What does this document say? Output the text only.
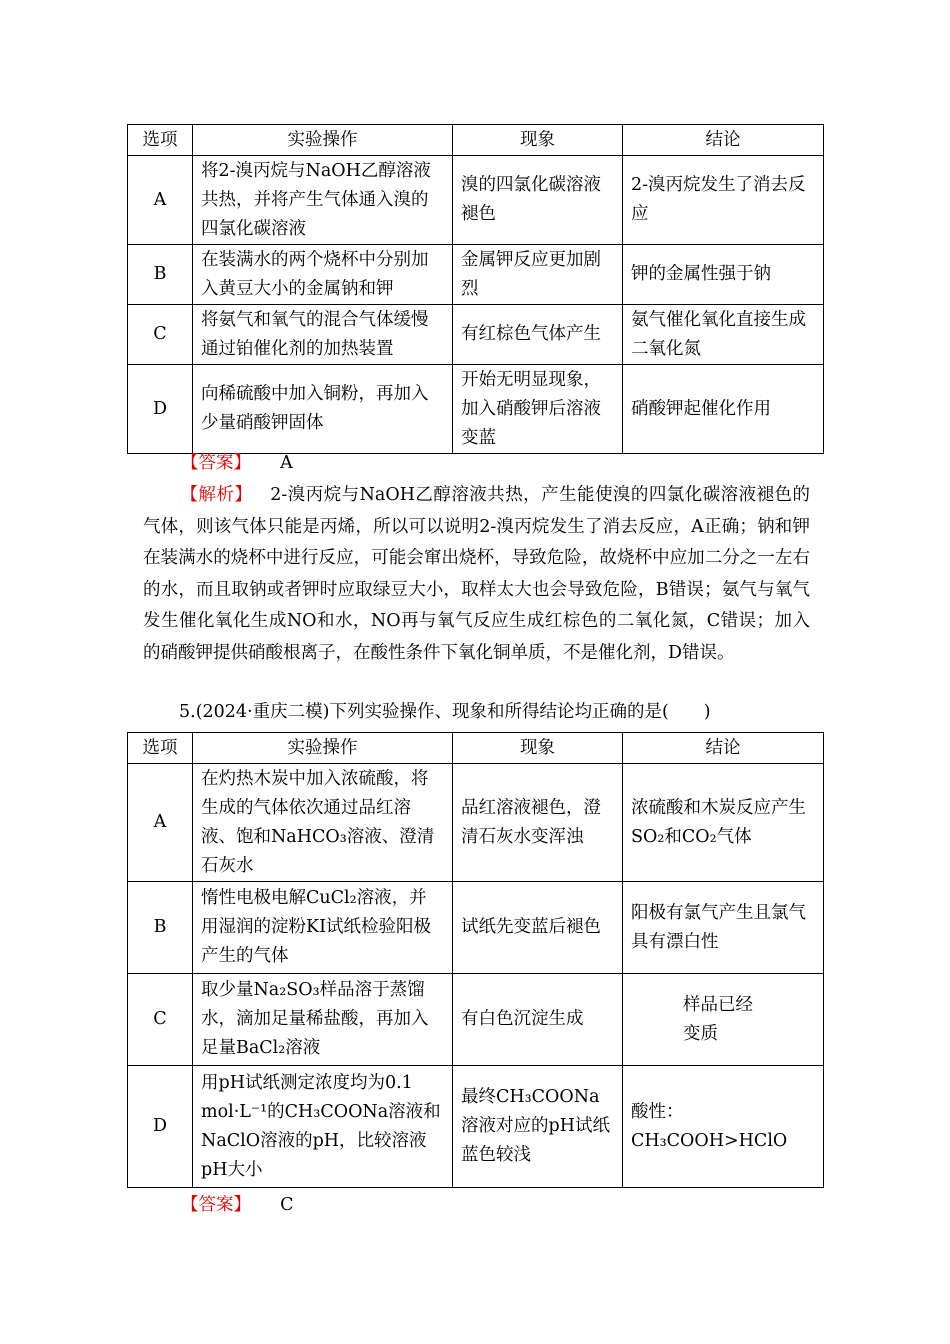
选项	实验操作	现象	结论
A	将2-溴丙烷与NaOH乙醇溶液共热，并将产生气体通入溴的四氯化碳溶液	溴的四氯化碳溶液褪色	2-溴丙烷发生了消去反应
B	在装满水的两个烧杯中分别加入黄豆大小的金属钠和钾	金属钾反应更加剧烈	钾的金属性强于钠
C	将氨气和氧气的混合气体缓慢通过铂催化剂的加热装置	有红棕色气体产生	氨气催化氧化直接生成二氧化氮
D	向稀硫酸中加入铜粉，再加入少量硝酸钾固体	开始无明显现象，加入硝酸钾后溶液变蓝	硝酸钾起催化作用
【答案】 A
【解析】 2-溴丙烷与NaOH乙醇溶液共热，产生能使溴的四氯化碳溶液褪色的气体，则该气体只能是丙烯，所以可以说明2-溴丙烷发生了消去反应，A正确；钠和钾在装满水的烧杯中进行反应，可能会窜出烧杯，导致危险，故烧杯中应加二分之一左右的水，而且取钠或者钾时应取绿豆大小，取样太大也会导致危险，B错误；氨气与氧气发生催化氧化生成NO和水，NO再与氧气反应生成红棕色的二氧化氮，C错误；加入的硝酸钾提供硝酸根离子，在酸性条件下氧化铜单质，不是催化剂，D错误。
5.(2024·重庆二模)下列实验操作、现象和所得结论均正确的是(　　)
选项	实验操作	现象	结论
A	在灼热木炭中加入浓硫酸，将生成的气体依次通过品红溶液、饱和NaHCO₃溶液、澄清石灰水	品红溶液褪色，澄清石灰水变浑浊	浓硫酸和木炭反应产生SO₂和CO₂气体
B	惰性电极电解CuCl₂溶液，并用湿润的淀粉KI试纸检验阳极产生的气体	试纸先变蓝后褪色	阳极有氯气产生且氯气具有漂白性
C	取少量Na₂SO₃样品溶于蒸馏水，滴加足量稀盐酸，再加入足量BaCl₂溶液	有白色沉淀生成	样品已经变质

D	用pH试纸测定浓度均为0.1 mol·L⁻¹的CH₃COONa溶液和NaClO溶液的pH，比较溶液pH大小	最终CH₃COONa溶液对应的pH试纸蓝色较浅	酸性：CH₃COOH>HClO
【答案】 C
